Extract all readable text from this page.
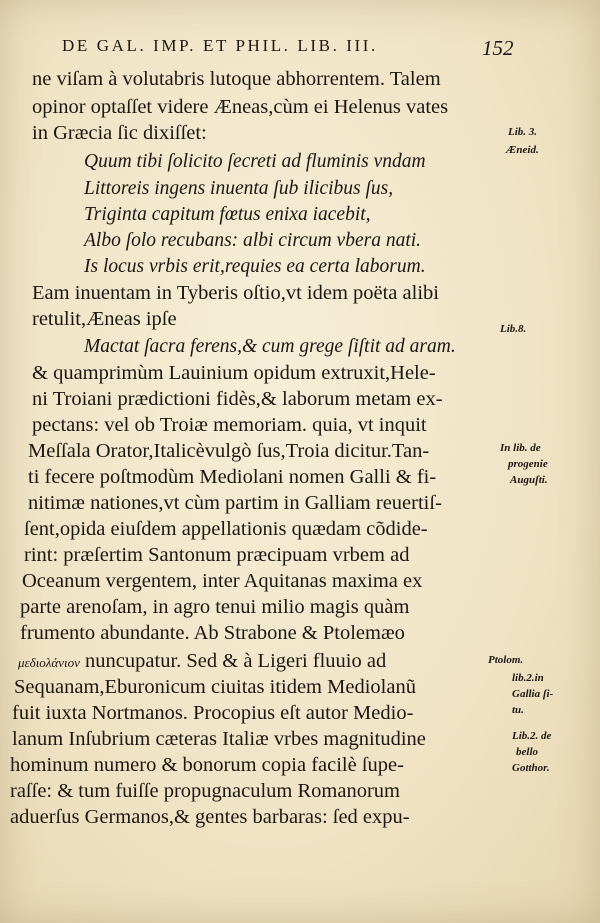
DE GAL. IMP. ET PHIL. LIB. III.	152
ne viſam à volutabris lutoque abhorrentem. Talem
opinor optaſſet videre Æneas,cùm ei Helenus vates
in Græcia ſic dixiſſet:
Quum tibi ſolicito ſecreti ad fluminis vndam
Littoreis ingens inuenta ſub ilicibus ſus,
Triginta capitum fœtus enixa iacebit,
Albo ſolo recubans: albi circum vbera nati.
Is locus vrbis erit,requies ea certa laborum.
Eam inuentam in Tyberis oſtio,vt idem poëta alibi
retulit,Æneas ipſe
Mactat ſacra ferens,& cum grege ſiſtit ad aram.
& quamprimùm Lauinium opidum extruxit,Hele-
ni Troiani prædictioni fidès,& laborum metam ex-
pectans: vel ob Troiæ memoriam. quia, vt inquit
Meſſala Orator,Italicèvulgò ſus,Troia dicitur.Tan-
ti fecere poſtmodùm Mediolani nomen Galli & fi-
nitimæ nationes,vt cùm partim in Galliam reuertiſ-
ſent,opida eiuſdem appellationis quædam cõdide-
rint: præſertim Santonum præcipuam vrbem ad
Oceanum vergentem, inter Aquitanas maxima ex
parte arenoſam, in agro tenui milio magis quàm
frumento abundante. Ab Strabone & Ptolemæo
μεδιολάνιον nuncupatur. Sed & à Ligeri fluuio ad
Sequanam,Eburonicum ciuitas itidem Mediolanũ
fuit iuxta Nortmanos. Procopius eſt autor Medio-
lanum Inſubrium cæteras Italiæ vrbes magnitudine
hominum numero & bonorum copia facilè ſupe-
raſſe: & tum fuiſſe propugnaculum Romanorum
aduerſus Germanos,& gentes barbaras: ſed expu-
Lib. 3.
Æneid.
Lib.8.
In lib. de
progenie
Auguſti.
Ptolom.
lib.2.in
Gallia ſi-
tu.
Lib.2. de
bello
Gotthor.
